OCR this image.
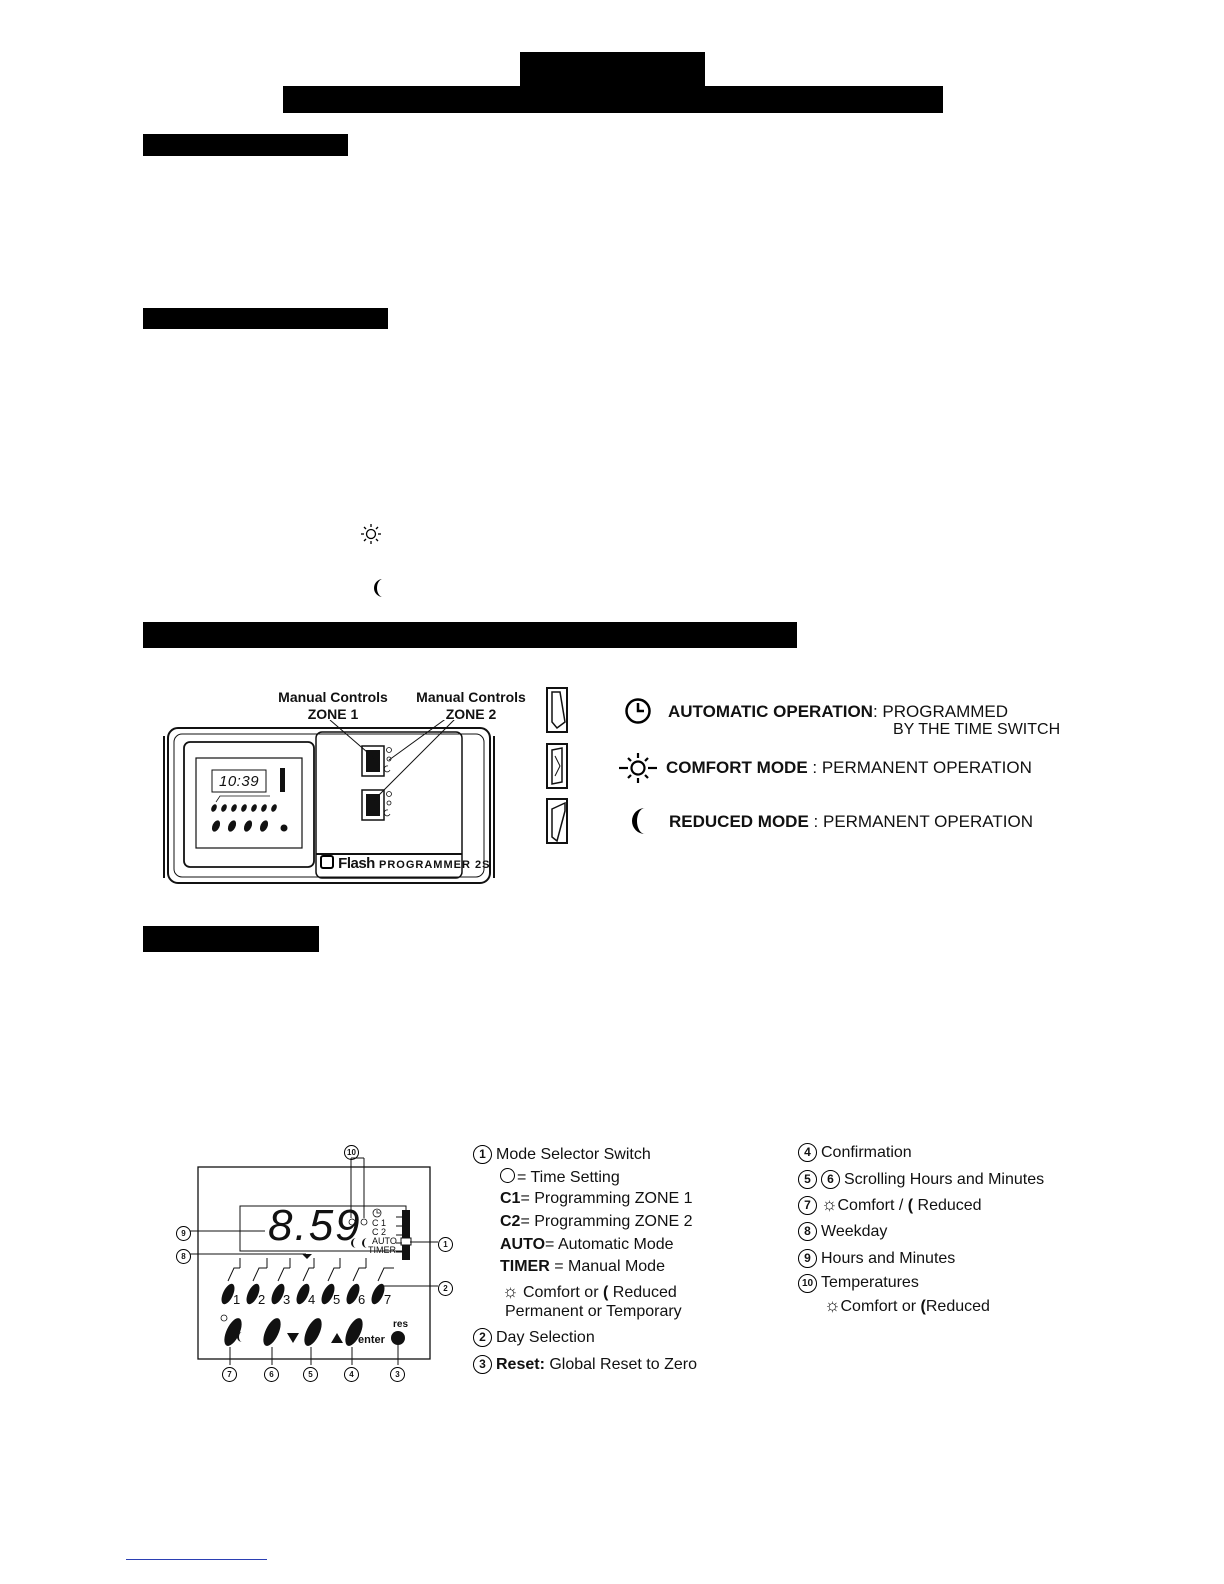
Manual Controls
ZONE 1
Manual Controls
ZONE 2
10:39
Flash PROGRAMMER 2S
AUTOMATIC OPERATION: PROGRAMMED
BY THE TIME SWITCH
COMFORT MODE : PERMANENT OPERATION
REDUCED MODE : PERMANENT OPERATION
8.59 C 1
C 2
AUTO
TIMER
1 2 3 4 5 6 7
enter
res
10
9
8
1
2
7	6	5	4	3
1 Mode Selector Switch
= Time Setting
C1= Programming ZONE 1
C2= Programming ZONE 2
AUTO= Automatic Mode
TIMER = Manual Mode
☼ Comfort or ( Reduced
Permanent or Temporary
2 Day Selection
3 Reset: Global Reset to Zero
4 Confirmation
5 6 Scrolling Hours and Minutes
7 ☼Comfort / ( Reduced
8 Weekday
9 Hours and Minutes
10 Temperatures
☼Comfort or (Reduced
